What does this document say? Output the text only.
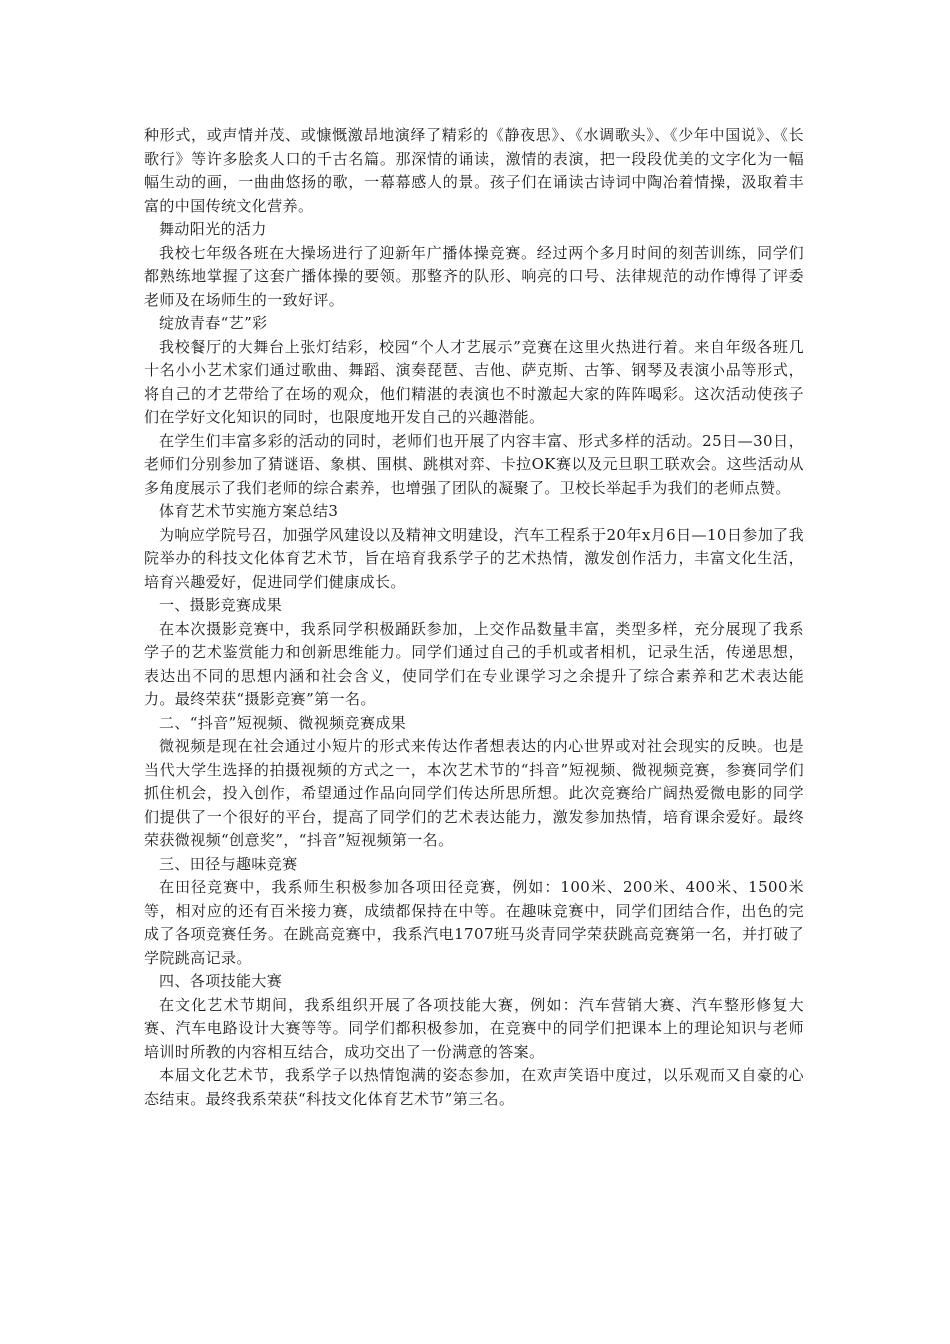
种形式，或声情并茂、或慷慨激昂地演绎了精彩的《静夜思》、《水调歌头》、《少年中国说》、《长歌行》等许多脍炙人口的千古名篇。那深情的诵读，激情的表演，把一段段优美的文字化为一幅幅生动的画，一曲曲悠扬的歌，一幕幕感人的景。孩子们在诵读古诗词中陶冶着情操，汲取着丰富的中国传统文化营养。

舞动阳光的活力

我校七年级各班在大操场进行了迎新年广播体操竞赛。经过两个多月时间的刻苦训练，同学们都熟练地掌握了这套广播体操的要领。那整齐的队形、响亮的口号、法律规范的动作博得了评委老师及在场师生的一致好评。

绽放青春“艺”彩

我校餐厅的大舞台上张灯结彩，校园“个人才艺展示”竞赛在这里火热进行着。来自年级各班几十名小小艺术家们通过歌曲、舞蹈、演奏琵琶、吉他、萨克斯、古筝、钢琴及表演小品等形式，将自己的才艺带给了在场的观众，他们精湛的表演也不时激起大家的阵阵喝彩。这次活动使孩子们在学好文化知识的同时，也限度地开发自己的兴趣潜能。

在学生们丰富多彩的活动的同时，老师们也开展了内容丰富、形式多样的活动。25日—30日，老师们分别参加了猜谜语、象棋、围棋、跳棋对弈、卡拉OK赛以及元旦职工联欢会。这些活动从多角度展示了我们老师的综合素养，也增强了团队的凝聚了。卫校长举起手为我们的老师点赞。

体育艺术节实施方案总结3

为响应学院号召，加强学风建设以及精神文明建设，汽车工程系于20年x月6日—10日参加了我院举办的科技文化体育艺术节，旨在培育我系学子的艺术热情，激发创作活力，丰富文化生活，培育兴趣爱好，促进同学们健康成长。

一、摄影竞赛成果

在本次摄影竞赛中，我系同学积极踊跃参加，上交作品数量丰富，类型多样，充分展现了我系学子的艺术鉴赏能力和创新思维能力。同学们通过自己的手机或者相机，记录生活，传递思想，表达出不同的思想内涵和社会含义，使同学们在专业课学习之余提升了综合素养和艺术表达能力。最终荣获“摄影竞赛”第一名。

二、“抖音”短视频、微视频竞赛成果

微视频是现在社会通过小短片的形式来传达作者想表达的内心世界或对社会现实的反映。也是当代大学生选择的拍摄视频的方式之一，本次艺术节的“抖音”短视频、微视频竞赛，参赛同学们抓住机会，投入创作，希望通过作品向同学们传达所思所想。此次竞赛给广阔热爱微电影的同学们提供了一个很好的平台，提高了同学们的艺术表达能力，激发参加热情，培育课余爱好。最终荣获微视频“创意奖”，“抖音”短视频第一名。

三、田径与趣味竞赛

在田径竞赛中，我系师生积极参加各项田径竞赛，例如：100米、200米、400米、1500米等，相对应的还有百米接力赛，成绩都保持在中等。在趣味竞赛中，同学们团结合作，出色的完成了各项竞赛任务。在跳高竞赛中，我系汽电1707班马炎青同学荣获跳高竞赛第一名，并打破了学院跳高记录。

四、各项技能大赛

在文化艺术节期间，我系组织开展了各项技能大赛，例如：汽车营销大赛、汽车整形修复大赛、汽车电路设计大赛等等。同学们都积极参加，在竞赛中的同学们把课本上的理论知识与老师培训时所教的内容相互结合，成功交出了一份满意的答案。

本届文化艺术节，我系学子以热情饱满的姿态参加，在欢声笑语中度过，以乐观而又自豪的心态结束。最终我系荣获“科技文化体育艺术节”第三名。
